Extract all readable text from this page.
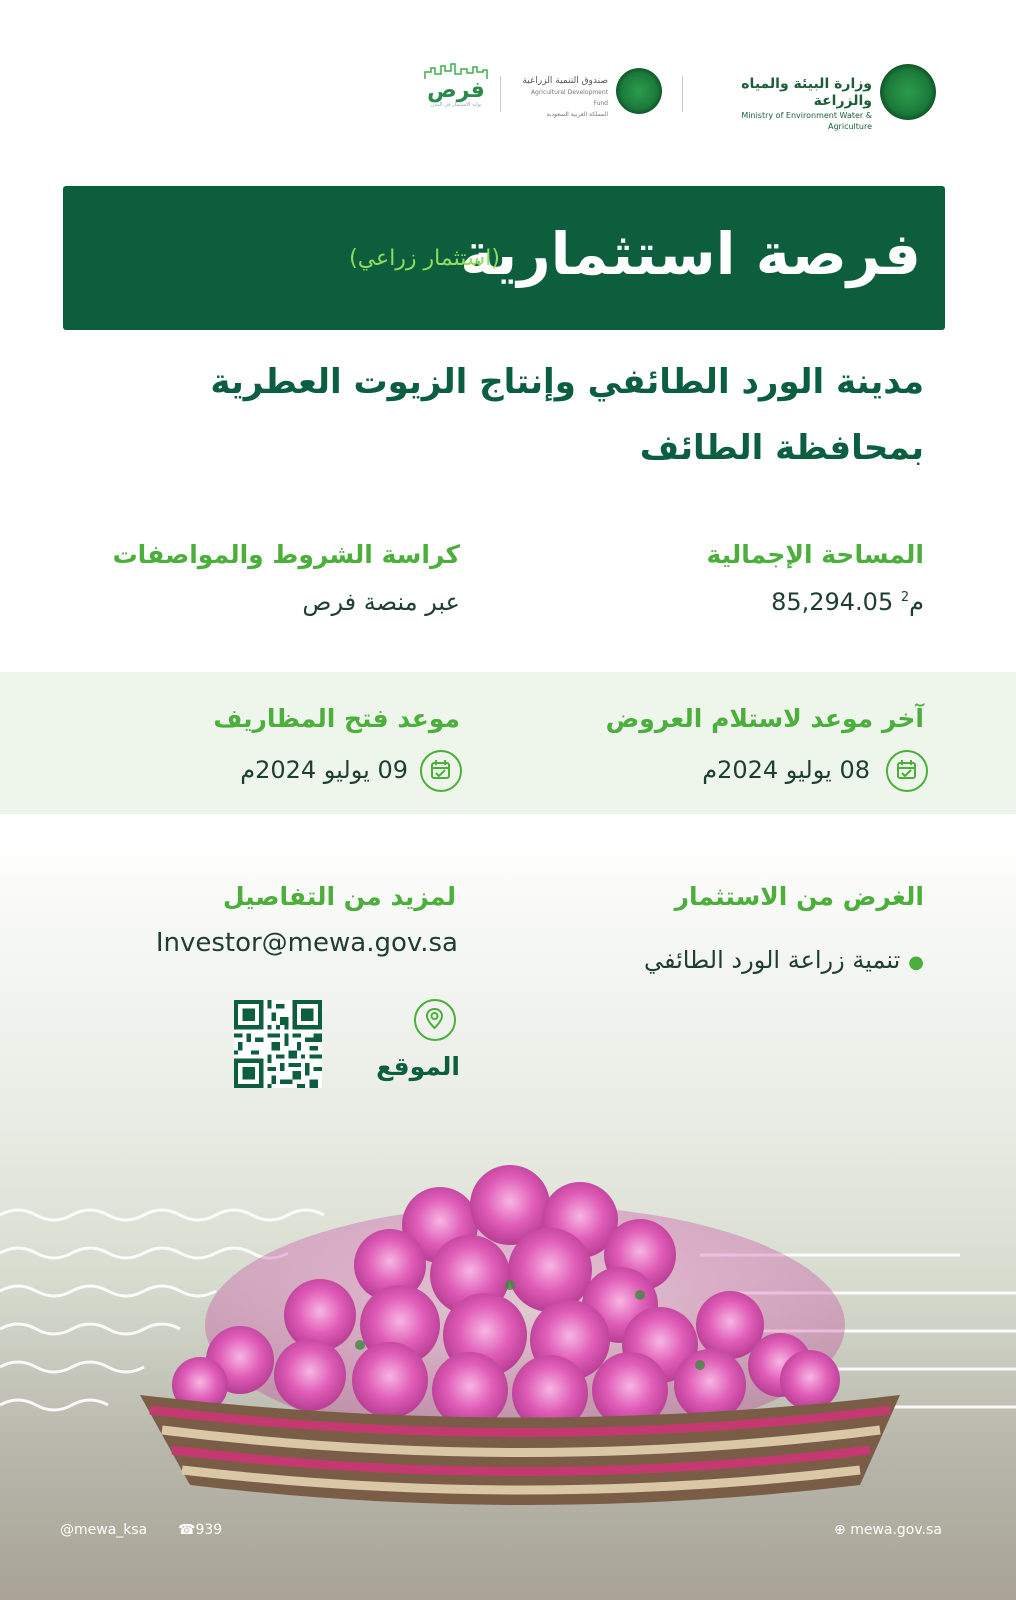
فرص
بوابة الاستثمار في المدن
صندوق التنمية الزراعية
Agricultural Development Fund
المملكة العربية السعودية
وزارة البيئة والمياه والزراعة
Ministry of Environment Water & Agriculture
فرصة استثمارية
(استثمار زراعي)
مدينة الورد الطائفي وإنتاج الزيوت العطرية
بمحافظة الطائف
المساحة الإجمالية
م$^2$ 85,294.05
كراسة الشروط والمواصفات
عبر منصة فرص
آخر موعد لاستلام العروض
08 يوليو 2024م
موعد فتح المظاريف
09 يوليو 2024م
الغرض من الاستثمار
●تنمية زراعة الورد الطائفي
لمزيد من التفاصيل
Investor@mewa.gov.sa
الموقع
@mewa_ksa ☎939	⊕ mewa.gov.sa
